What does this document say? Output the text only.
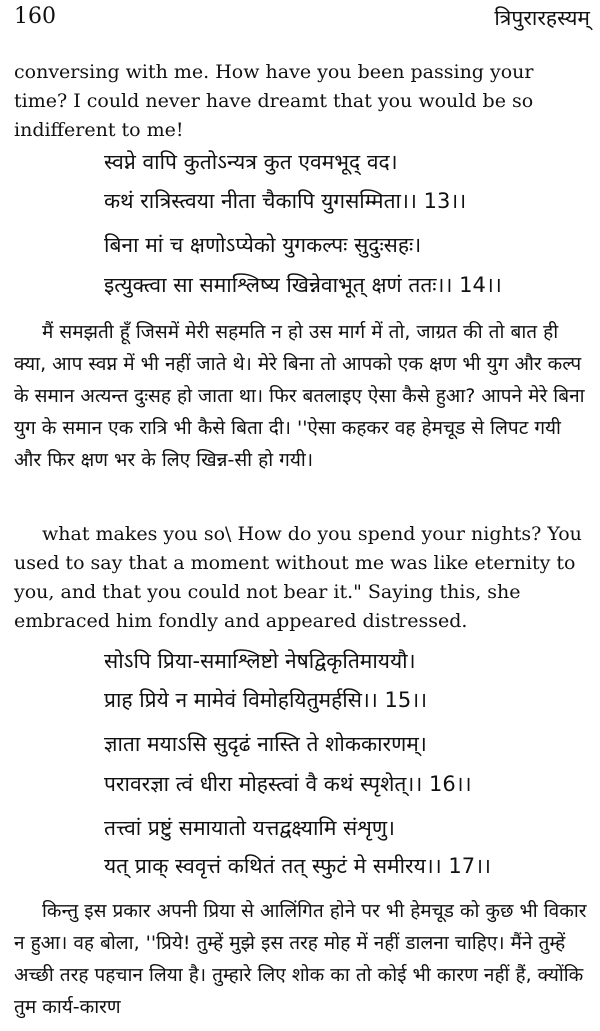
160	त्रिपुरारहस्यम्

conversing with me. How have you been passing your time? I could never have dreamt that you would be so indifferent to me!

स्वप्ने वापि कुतोऽन्यत्र कुत एवमभूद् वद।

कथं रात्रिस्त्वया नीता चैकापि युगसम्मिता।। 13।।

बिना मां च क्षणोऽप्येको युगकल्पः सुदुःसहः।

इत्युक्त्वा सा समाश्लिष्य खिन्नेवाभूत् क्षणं ततः।। 14।।

मैं समझती हूँ जिसमें मेरी सहमति न हो उस मार्ग में तो, जाग्रत की तो बात ही क्या, आप स्वप्न में भी नहीं जाते थे। मेरे बिना तो आपको एक क्षण भी युग और कल्प के समान अत्यन्त दुःसह हो जाता था। फिर बतलाइए ऐसा कैसे हुआ? आपने मेरे बिना युग के समान एक रात्रि भी कैसे बिता दी। ''ऐसा कहकर वह हेमचूड से लिपट गयी और फिर क्षण भर के लिए खिन्न-सी हो गयी।

what makes you so\ How do you spend your nights? You used to say that a moment without me was like eternity to you, and that you could not bear it." Saying this, she embraced him fondly and appeared distressed.

सोऽपि प्रिया-समाश्लिष्टो नेषद्विकृतिमाययौ।

प्राह प्रिये न मामेवं विमोहयितुमर्हसि।। 15।।

ज्ञाता मयाऽसि सुदृढं नास्ति ते शोककारणम्।

परावरज्ञा त्वं धीरा मोहस्त्वां वै कथं स्पृशेत्।। 16।।

तत्त्वां प्रष्टुं समायातो यत्तद्वक्ष्यामि संशृणु।

यत् प्राक् स्ववृत्तं कथितं तत् स्फुटं मे समीरय।। 17।।

किन्तु इस प्रकार अपनी प्रिया से आलिंगित होने पर भी हेमचूड को कुछ भी विकार न हुआ। वह बोला, ''प्रिये! तुम्हें मुझे इस तरह मोह में नहीं डालना चाहिए। मैंने तुम्हें अच्छी तरह पहचान लिया है। तुम्हारे लिए शोक का तो कोई भी कारण नहीं हैं, क्योंकि तुम कार्य-कारण
